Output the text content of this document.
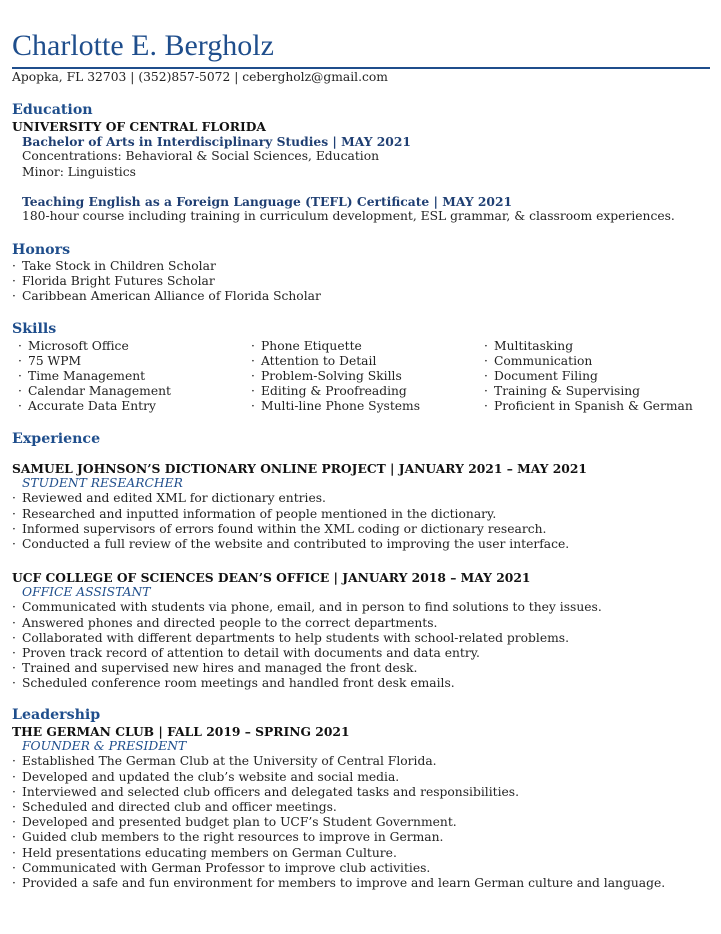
Charlotte E. Bergholz
Apopka, FL 32703 | (352)857-5072 | cebergholz@gmail.com
Education
UNIVERSITY OF CENTRAL FLORIDA
Bachelor of Arts in Interdisciplinary Studies | MAY 2021
Concentrations: Behavioral & Social Sciences, Education
Minor: Linguistics
Teaching English as a Foreign Language (TEFL) Certificate | MAY 2021
180-hour course including training in curriculum development, ESL grammar, & classroom experiences.
Honors
· Take Stock in Children Scholar
· Florida Bright Futures Scholar
· Caribbean American Alliance of Florida Scholar
Skills
· Microsoft Office
· 75 WPM
· Time Management
· Calendar Management
· Accurate Data Entry
· Phone Etiquette
· Attention to Detail
· Problem-Solving Skills
· Editing & Proofreading
· Multi-line Phone Systems
· Multitasking
· Communication
· Document Filing
· Training & Supervising
· Proficient in Spanish & German
Experience
SAMUEL JOHNSON’S DICTIONARY ONLINE PROJECT | JANUARY 2021 – MAY 2021
STUDENT RESEARCHER
· Reviewed and edited XML for dictionary entries.
· Researched and inputted information of people mentioned in the dictionary.
· Informed supervisors of errors found within the XML coding or dictionary research.
· Conducted a full review of the website and contributed to improving the user interface.
UCF COLLEGE OF SCIENCES DEAN’S OFFICE | JANUARY 2018 – MAY 2021
OFFICE ASSISTANT
· Communicated with students via phone, email, and in person to find solutions to they issues.
· Answered phones and directed people to the correct departments.
· Collaborated with different departments to help students with school-related problems.
· Proven track record of attention to detail with documents and data entry.
· Trained and supervised new hires and managed the front desk.
· Scheduled conference room meetings and handled front desk emails.
Leadership
THE GERMAN CLUB | FALL 2019 – SPRING 2021
FOUNDER & PRESIDENT
· Established The German Club at the University of Central Florida.
· Developed and updated the club’s website and social media.
· Interviewed and selected club officers and delegated tasks and responsibilities.
· Scheduled and directed club and officer meetings.
· Developed and presented budget plan to UCF’s Student Government.
· Guided club members to the right resources to improve in German.
· Held presentations educating members on German Culture.
· Communicated with German Professor to improve club activities.
· Provided a safe and fun environment for members to improve and learn German culture and language.
